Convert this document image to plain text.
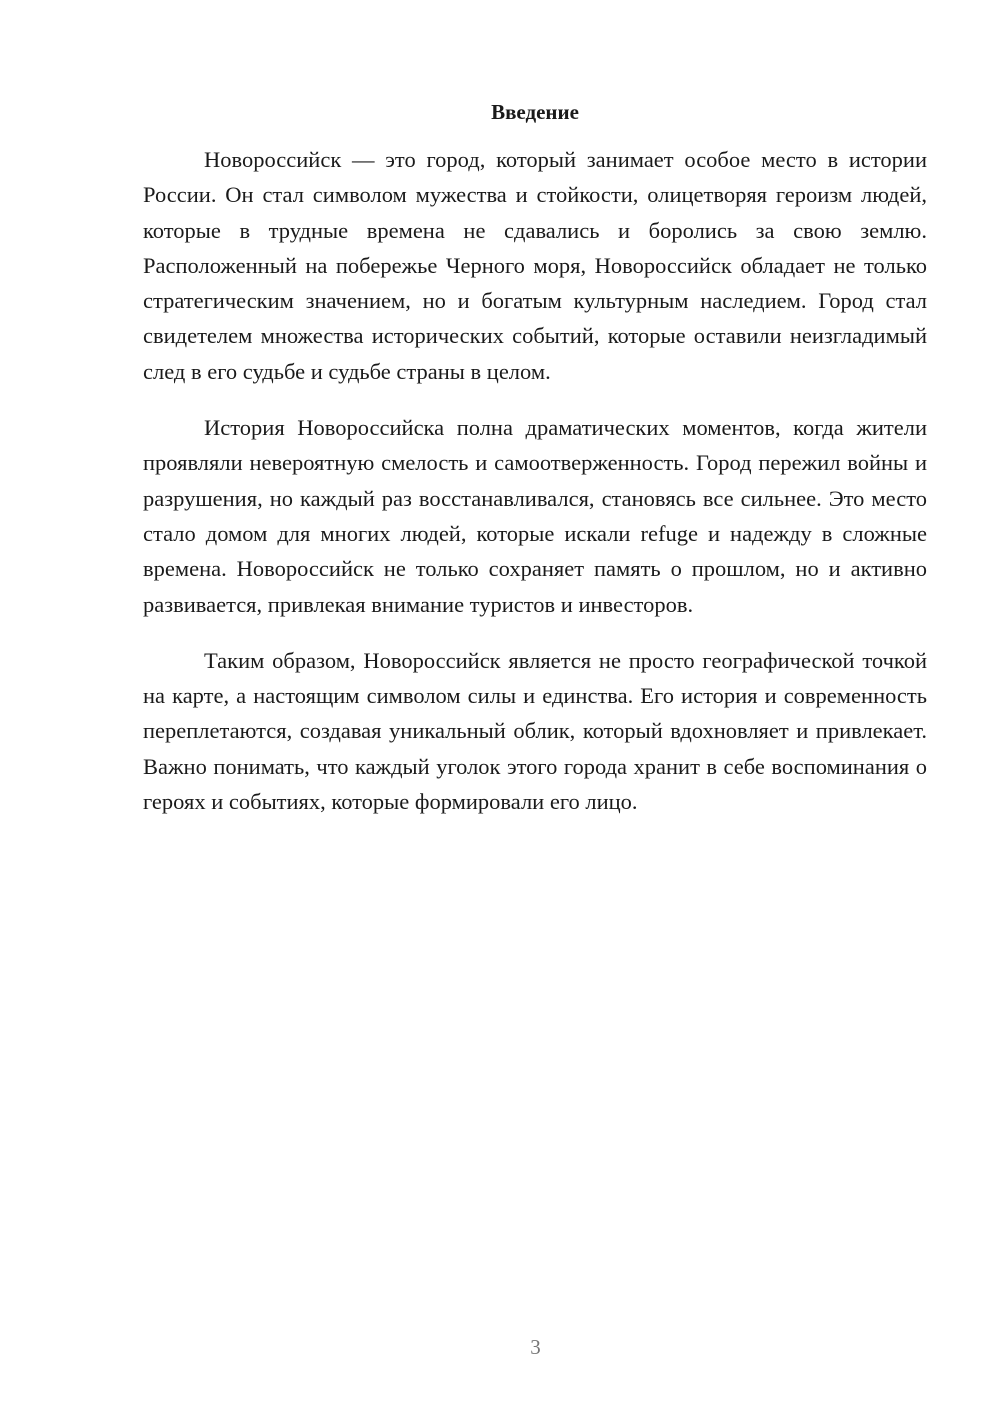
Введение

Новороссийск — это город, который занимает особое место в истории России. Он стал символом мужества и стойкости, олицетворяя героизм людей, которые в трудные времена не сдавались и боролись за свою землю. Расположенный на побережье Черного моря, Новороссийск обладает не только стратегическим значением, но и богатым культурным наследием. Город стал свидетелем множества исторических событий, которые оставили неизгладимый след в его судьбе и судьбе страны в целом.

История Новороссийска полна драматических моментов, когда жители проявляли невероятную смелость и самоотверженность. Город пережил войны и разрушения, но каждый раз восстанавливался, становясь все сильнее. Это место стало домом для многих людей, которые искали refuge и надежду в сложные времена. Новороссийск не только сохраняет память о прошлом, но и активно развивается, привлекая внимание туристов и инвесторов.

Таким образом, Новороссийск является не просто географической точкой на карте, а настоящим символом силы и единства. Его история и современность переплетаются, создавая уникальный облик, который вдохновляет и привлекает. Важно понимать, что каждый уголок этого города хранит в себе воспоминания о героях и событиях, которые формировали его лицо.

3
